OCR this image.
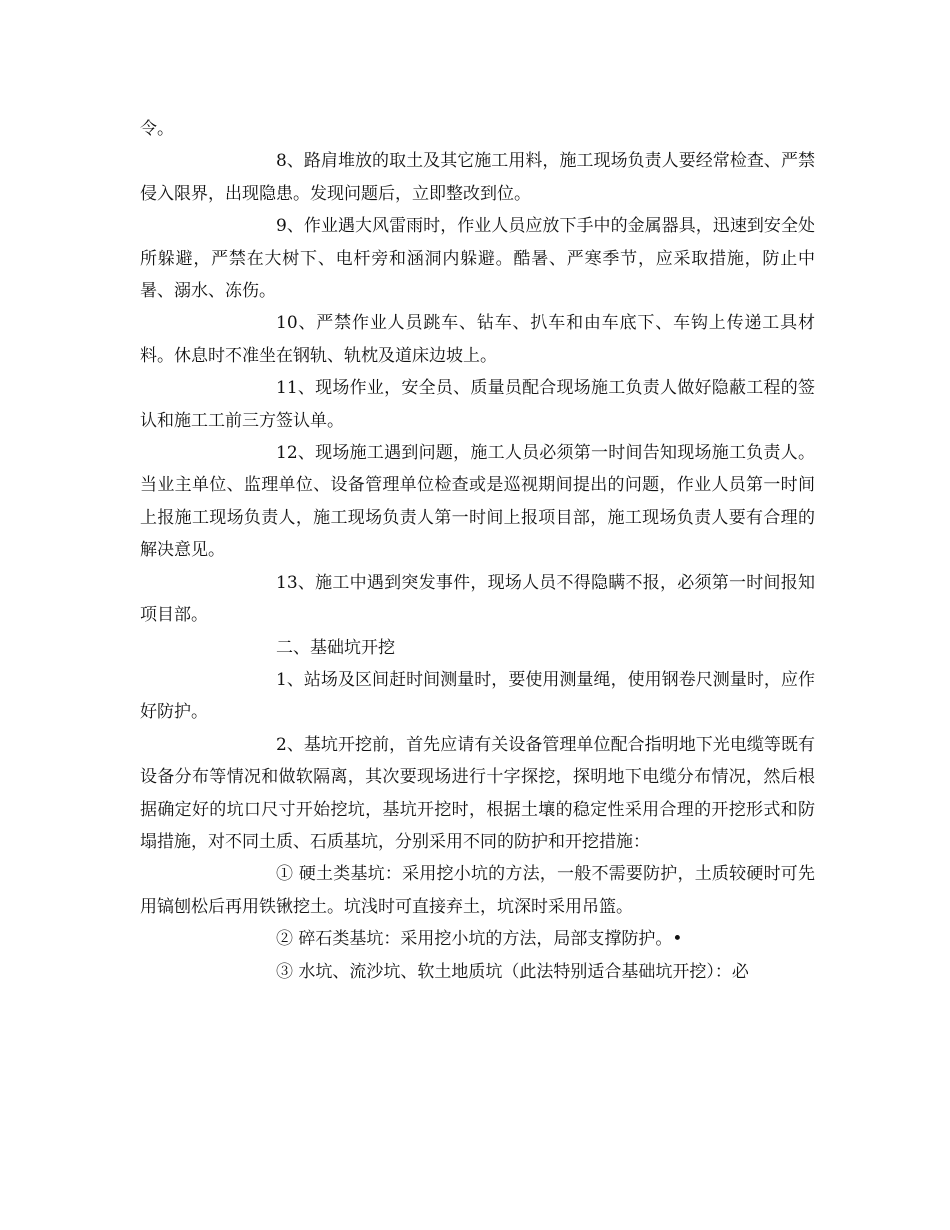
令。

8、路肩堆放的取土及其它施工用料，施工现场负责人要经常检查、严禁侵入限界，出现隐患。发现问题后，立即整改到位。

9、作业遇大风雷雨时，作业人员应放下手中的金属器具，迅速到安全处所躲避，严禁在大树下、电杆旁和涵洞内躲避。酷暑、严寒季节，应采取措施，防止中暑、溺水、冻伤。

10、严禁作业人员跳车、钻车、扒车和由车底下、车钩上传递工具材料。休息时不准坐在钢轨、轨枕及道床边坡上。

11、现场作业，安全员、质量员配合现场施工负责人做好隐蔽工程的签认和施工工前三方签认单。

12、现场施工遇到问题，施工人员必须第一时间告知现场施工负责人。当业主单位、监理单位、设备管理单位检查或是巡视期间提出的问题，作业人员第一时间上报施工现场负责人，施工现场负责人第一时间上报项目部，施工现场负责人要有合理的解决意见。

13、施工中遇到突发事件，现场人员不得隐瞒不报，必须第一时间报知项目部。

二、基础坑开挖

1、站场及区间赶时间测量时，要使用测量绳，使用钢卷尺测量时，应作好防护。

2、基坑开挖前，首先应请有关设备管理单位配合指明地下光电缆等既有设备分布等情况和做软隔离，其次要现场进行十字探挖，探明地下电缆分布情况，然后根据确定好的坑口尺寸开始挖坑，基坑开挖时，根据土壤的稳定性采用合理的开挖形式和防塌措施，对不同土质、石质基坑，分别采用不同的防护和开挖措施：

① 硬土类基坑：采用挖小坑的方法，一般不需要防护，土质较硬时可先用镐刨松后再用铁锹挖土。坑浅时可直接弃土，坑深时采用吊篮。

② 碎石类基坑：采用挖小坑的方法，局部支撑防护。•

③ 水坑、流沙坑、软土地质坑（此法特别适合基础坑开挖）：必
